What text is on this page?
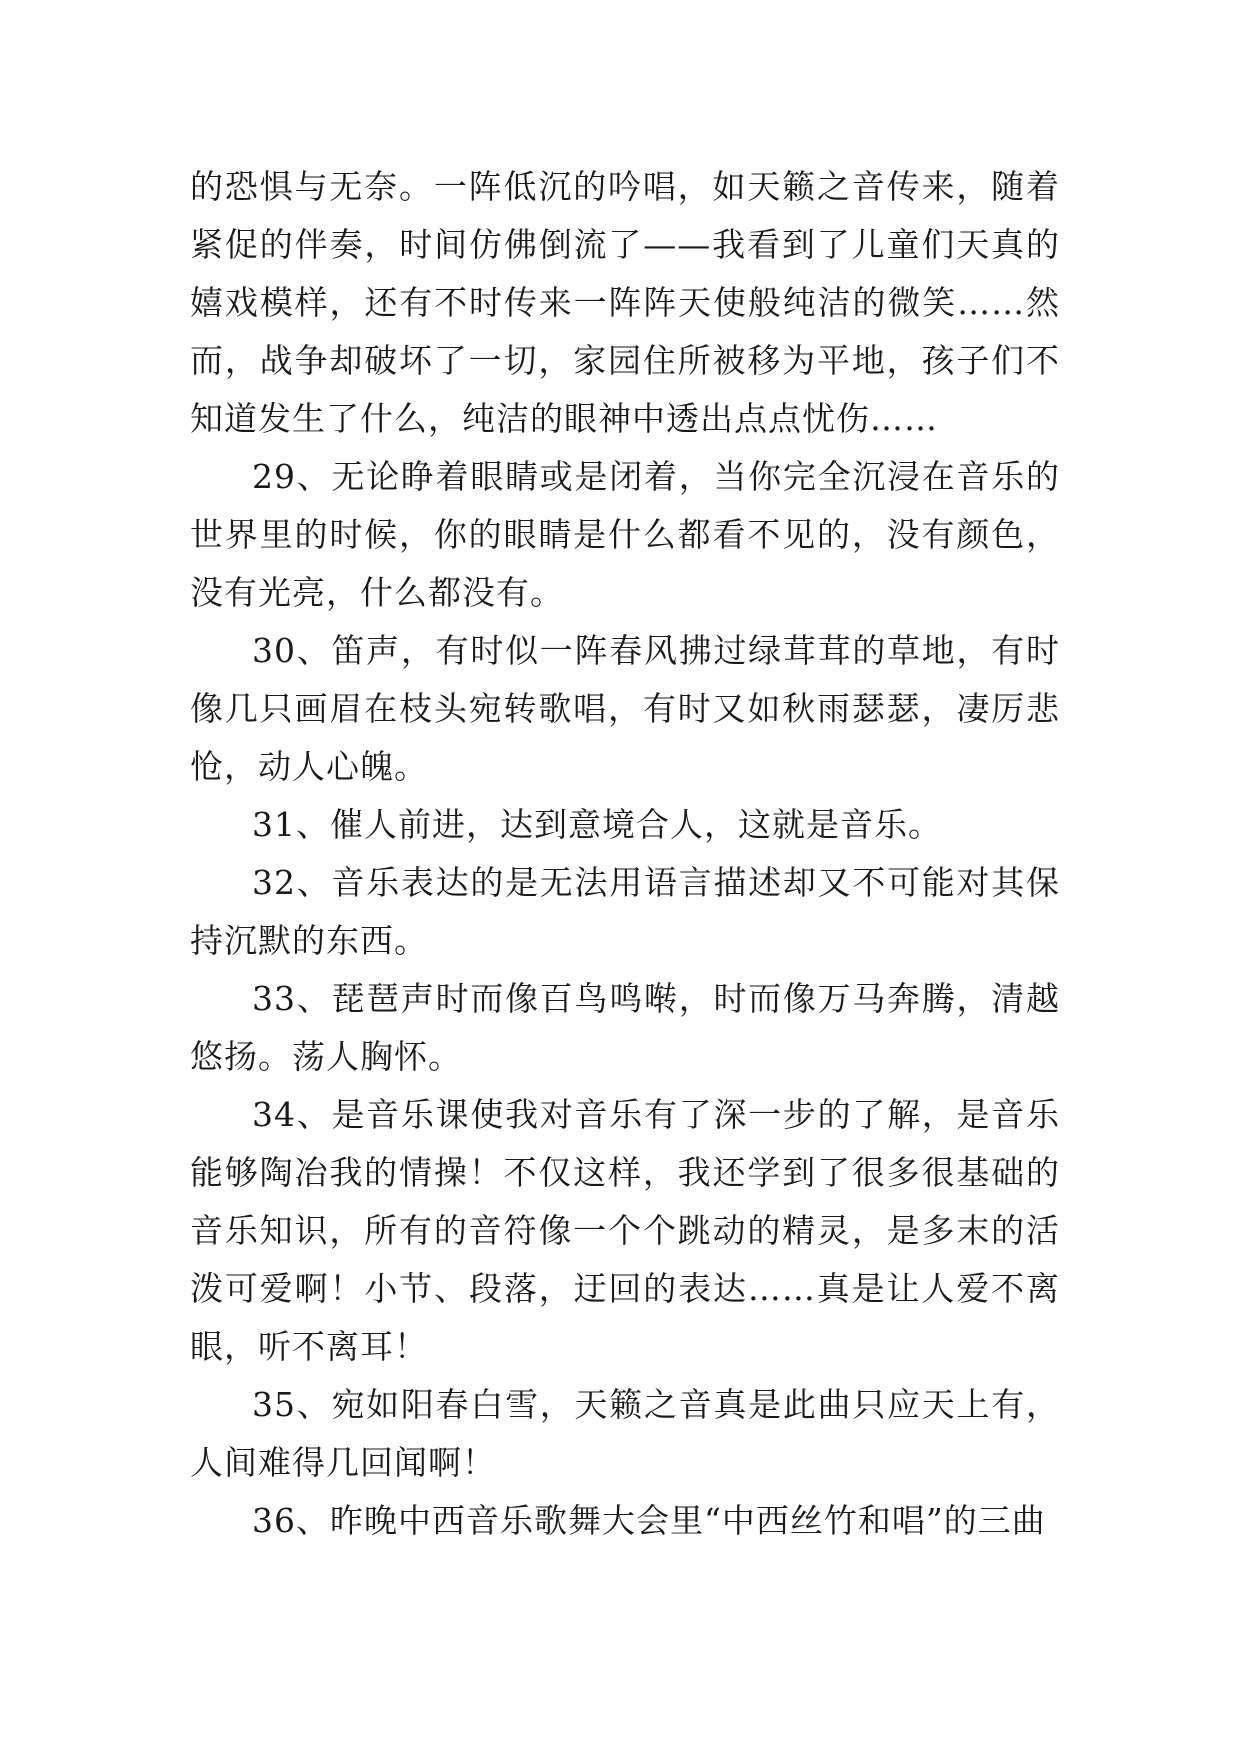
的恐惧与无奈。一阵低沉的吟唱，如天籁之音传来，随着紧促的伴奏，时间仿佛倒流了——我看到了儿童们天真的嬉戏模样，还有不时传来一阵阵天使般纯洁的微笑……然而，战争却破坏了一切，家园住所被移为平地，孩子们不知道发生了什么，纯洁的眼神中透出点点忧伤……

29、无论睁着眼睛或是闭着，当你完全沉浸在音乐的世界里的时候，你的眼睛是什么都看不见的，没有颜色，没有光亮，什么都没有。

30、笛声，有时似一阵春风拂过绿茸茸的草地，有时像几只画眉在枝头宛转歌唱，有时又如秋雨瑟瑟，凄厉悲怆，动人心魄。

31、催人前进，达到意境合人，这就是音乐。

32、音乐表达的是无法用语言描述却又不可能对其保持沉默的东西。

33、琵琶声时而像百鸟鸣啭，时而像万马奔腾，清越悠扬。荡人胸怀。

34、是音乐课使我对音乐有了深一步的了解，是音乐能够陶冶我的情操！不仅这样，我还学到了很多很基础的音乐知识，所有的音符像一个个跳动的精灵，是多末的活泼可爱啊！小节、段落，迂回的表达……真是让人爱不离眼，听不离耳！

35、宛如阳春白雪，天籁之音真是此曲只应天上有，人间难得几回闻啊！

36、昨晚中西音乐歌舞大会里“中西丝竹和唱”的三曲
